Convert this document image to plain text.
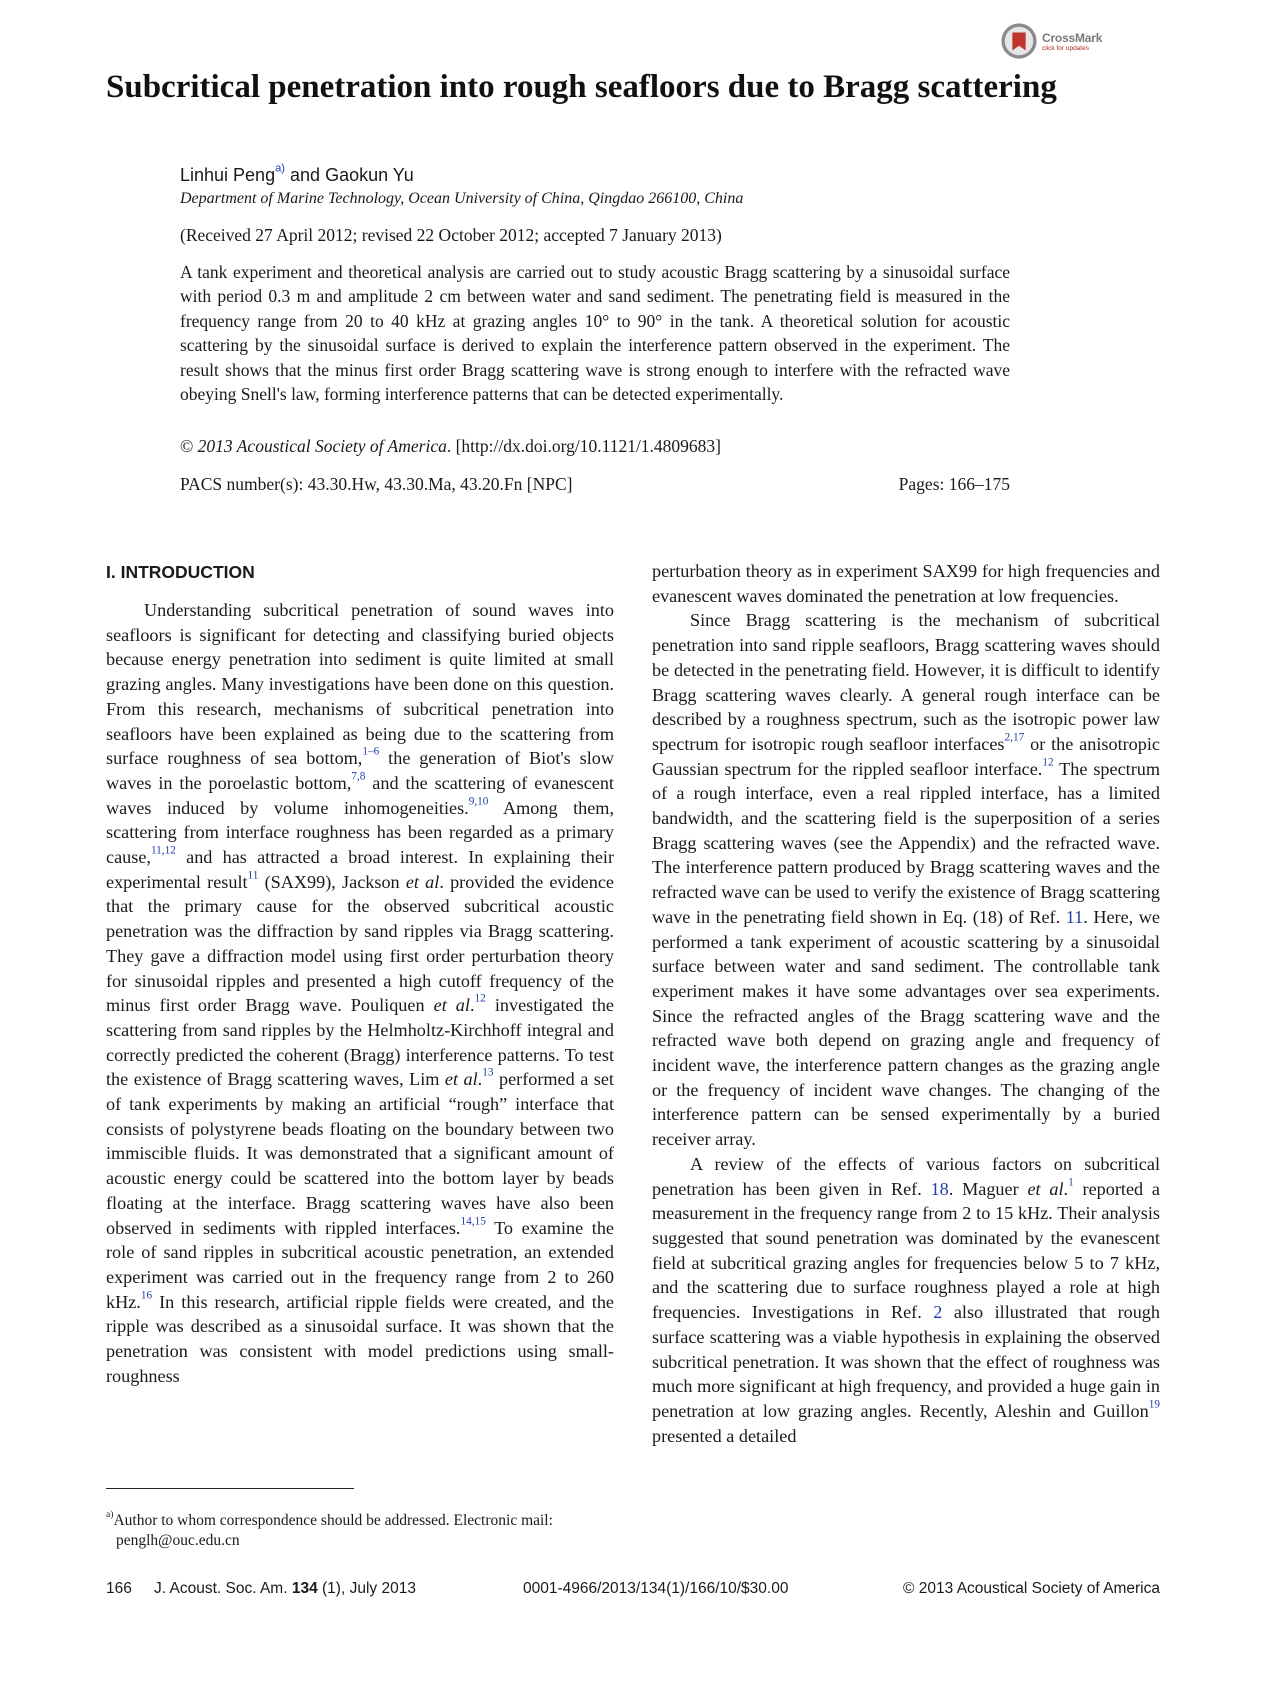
CrossMark
click for updates
Subcritical penetration into rough seafloors due to Bragg scattering
Linhui Peng$^{a)}$ and Gaokun Yu
Department of Marine Technology, Ocean University of China, Qingdao 266100, China
(Received 27 April 2012; revised 22 October 2012; accepted 7 January 2013)

A tank experiment and theoretical analysis are carried out to study acoustic Bragg scattering by a sinusoidal surface with period 0.3 m and amplitude 2 cm between water and sand sediment. The penetrating field is measured in the frequency range from 20 to 40 kHz at grazing angles 10° to 90° in the tank. A theoretical solution for acoustic scattering by the sinusoidal surface is derived to explain the interference pattern observed in the experiment. The result shows that the minus first order Bragg scattering wave is strong enough to interfere with the refracted wave obeying Snell's law, forming interference patterns that can be detected experimentally.

© 2013 Acoustical Society of America. [http://dx.doi.org/10.1121/1.4809683]
PACS number(s): 43.30.Hw, 43.30.Ma, 43.20.Fn [NPC]	Pages: 166–175
I. INTRODUCTION

Understanding subcritical penetration of sound waves into seafloors is significant for detecting and classifying buried objects because energy penetration into sediment is quite limited at small grazing angles. Many investigations have been done on this question. From this research, mechanisms of subcritical penetration into seafloors have been explained as being due to the scattering from surface roughness of sea bottom,$^{1-6}$ the generation of Biot's slow waves in the poroelastic bottom,$^{7,8}$ and the scattering of evanescent waves induced by volume inhomogeneities.$^{9,10}$ Among them, scattering from interface roughness has been regarded as a primary cause,$^{11,12}$ and has attracted a broad interest. In explaining their experimental result$^{11}$ (SAX99), Jackson et al. provided the evidence that the primary cause for the observed subcritical acoustic penetration was the diffraction by sand ripples via Bragg scattering. They gave a diffraction model using first order perturbation theory for sinusoidal ripples and presented a high cutoff frequency of the minus first order Bragg wave. Pouliquen et al.$^{12}$ investigated the scattering from sand ripples by the Helmholtz-Kirchhoff integral and correctly predicted the coherent (Bragg) interference patterns. To test the existence of Bragg scattering waves, Lim et al.$^{13}$ performed a set of tank experiments by making an artificial “rough” interface that consists of polystyrene beads floating on the boundary between two immiscible fluids. It was demonstrated that a significant amount of acoustic energy could be scattered into the bottom layer by beads floating at the interface. Bragg scattering waves have also been observed in sediments with rippled interfaces.$^{14,15}$ To examine the role of sand ripples in subcritical acoustic penetration, an extended experiment was carried out in the frequency range from 2 to 260 kHz.$^{16}$ In this research, artificial ripple fields were created, and the ripple was described as a sinusoidal surface. It was shown that the penetration was consistent with model predictions using small-roughness

perturbation theory as in experiment SAX99 for high frequencies and evanescent waves dominated the penetration at low frequencies.

Since Bragg scattering is the mechanism of subcritical penetration into sand ripple seafloors, Bragg scattering waves should be detected in the penetrating field. However, it is difficult to identify Bragg scattering waves clearly. A general rough interface can be described by a roughness spectrum, such as the isotropic power law spectrum for isotropic rough seafloor interfaces$^{2,17}$ or the anisotropic Gaussian spectrum for the rippled seafloor interface.$^{12}$ The spectrum of a rough interface, even a real rippled interface, has a limited bandwidth, and the scattering field is the superposition of a series Bragg scattering waves (see the Appendix) and the refracted wave. The interference pattern produced by Bragg scattering waves and the refracted wave can be used to verify the existence of Bragg scattering wave in the penetrating field shown in Eq. (18) of Ref. 11. Here, we performed a tank experiment of acoustic scattering by a sinusoidal surface between water and sand sediment. The controllable tank experiment makes it have some advantages over sea experiments. Since the refracted angles of the Bragg scattering wave and the refracted wave both depend on grazing angle and frequency of incident wave, the interference pattern changes as the grazing angle or the frequency of incident wave changes. The changing of the interference pattern can be sensed experimentally by a buried receiver array.

A review of the effects of various factors on subcritical penetration has been given in Ref. 18. Maguer et al.$^1$ reported a measurement in the frequency range from 2 to 15 kHz. Their analysis suggested that sound penetration was dominated by the evanescent field at subcritical grazing angles for frequencies below 5 to 7 kHz, and the scattering due to surface roughness played a role at high frequencies. Investigations in Ref. 2 also illustrated that rough surface scattering was a viable hypothesis in explaining the observed subcritical penetration. It was shown that the effect of roughness was much more significant at high frequency, and provided a huge gain in penetration at low grazing angles. Recently, Aleshin and Guillon$^{19}$ presented a detailed

$^{a)}$Author to whom correspondence should be addressed. Electronic mail:
penglh@ouc.edu.cn
166 J. Acoust. Soc. Am. 134 (1), July 2013	0001-4966/2013/134(1)/166/10/$30.00	© 2013 Acoustical Society of America
